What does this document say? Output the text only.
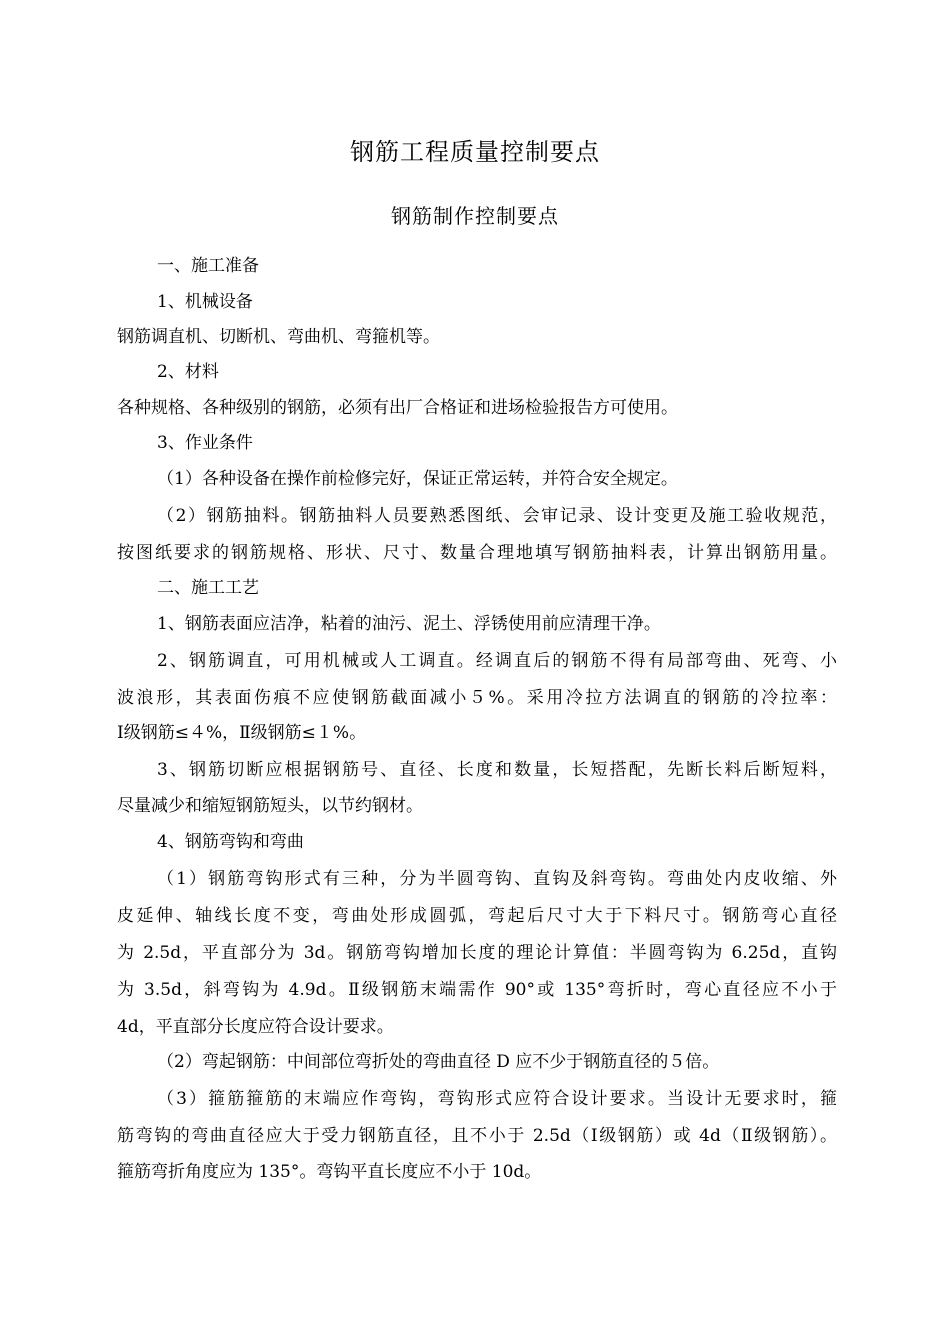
钢筋工程质量控制要点
钢筋制作控制要点
一、施工准备
1、机械设备
钢筋调直机、切断机、弯曲机、弯箍机等。
2、材料
各种规格、各种级别的钢筋，必须有出厂合格证和进场检验报告方可使用。
3、作业条件
（1）各种设备在操作前检修完好，保证正常运转，并符合安全规定。
（2）钢筋抽料。钢筋抽料人员要熟悉图纸、会审记录、设计变更及施工验收规范，
按图纸要求的钢筋规格、形状、尺寸、数量合理地填写钢筋抽料表，计算出钢筋用量。
二、施工工艺
1、钢筋表面应洁净，粘着的油污、泥土、浮锈使用前应清理干净。
2、钢筋调直，可用机械或人工调直。经调直后的钢筋不得有局部弯曲、死弯、小
波浪形，其表面伤痕不应使钢筋截面减小５%。采用冷拉方法调直的钢筋的冷拉率：
Ⅰ级钢筋≤４%，Ⅱ级钢筋≤１%。
3、钢筋切断应根据钢筋号、直径、长度和数量，长短搭配，先断长料后断短料，
尽量减少和缩短钢筋短头，以节约钢材。
4、钢筋弯钩和弯曲
（1）钢筋弯钩形式有三种，分为半圆弯钩、直钩及斜弯钩。弯曲处内皮收缩、外
皮延伸、轴线长度不变，弯曲处形成圆弧，弯起后尺寸大于下料尺寸。钢筋弯心直径
为 2.5d，平直部分为 3d。钢筋弯钩增加长度的理论计算值：半圆弯钩为 6.25d，直钩
为 3.5d，斜弯钩为 4.9d。Ⅱ级钢筋末端需作 90°或 135°弯折时，弯心直径应不小于
4d，平直部分长度应符合设计要求。
（2）弯起钢筋：中间部位弯折处的弯曲直径 D 应不少于钢筋直径的５倍。
（3）箍筋箍筋的末端应作弯钩，弯钩形式应符合设计要求。当设计无要求时，箍
筋弯钩的弯曲直径应大于受力钢筋直径，且不小于 2.5d（Ⅰ级钢筋）或 4d（Ⅱ级钢筋）。
箍筋弯折角度应为 135°。弯钩平直长度应不小于 10d。
